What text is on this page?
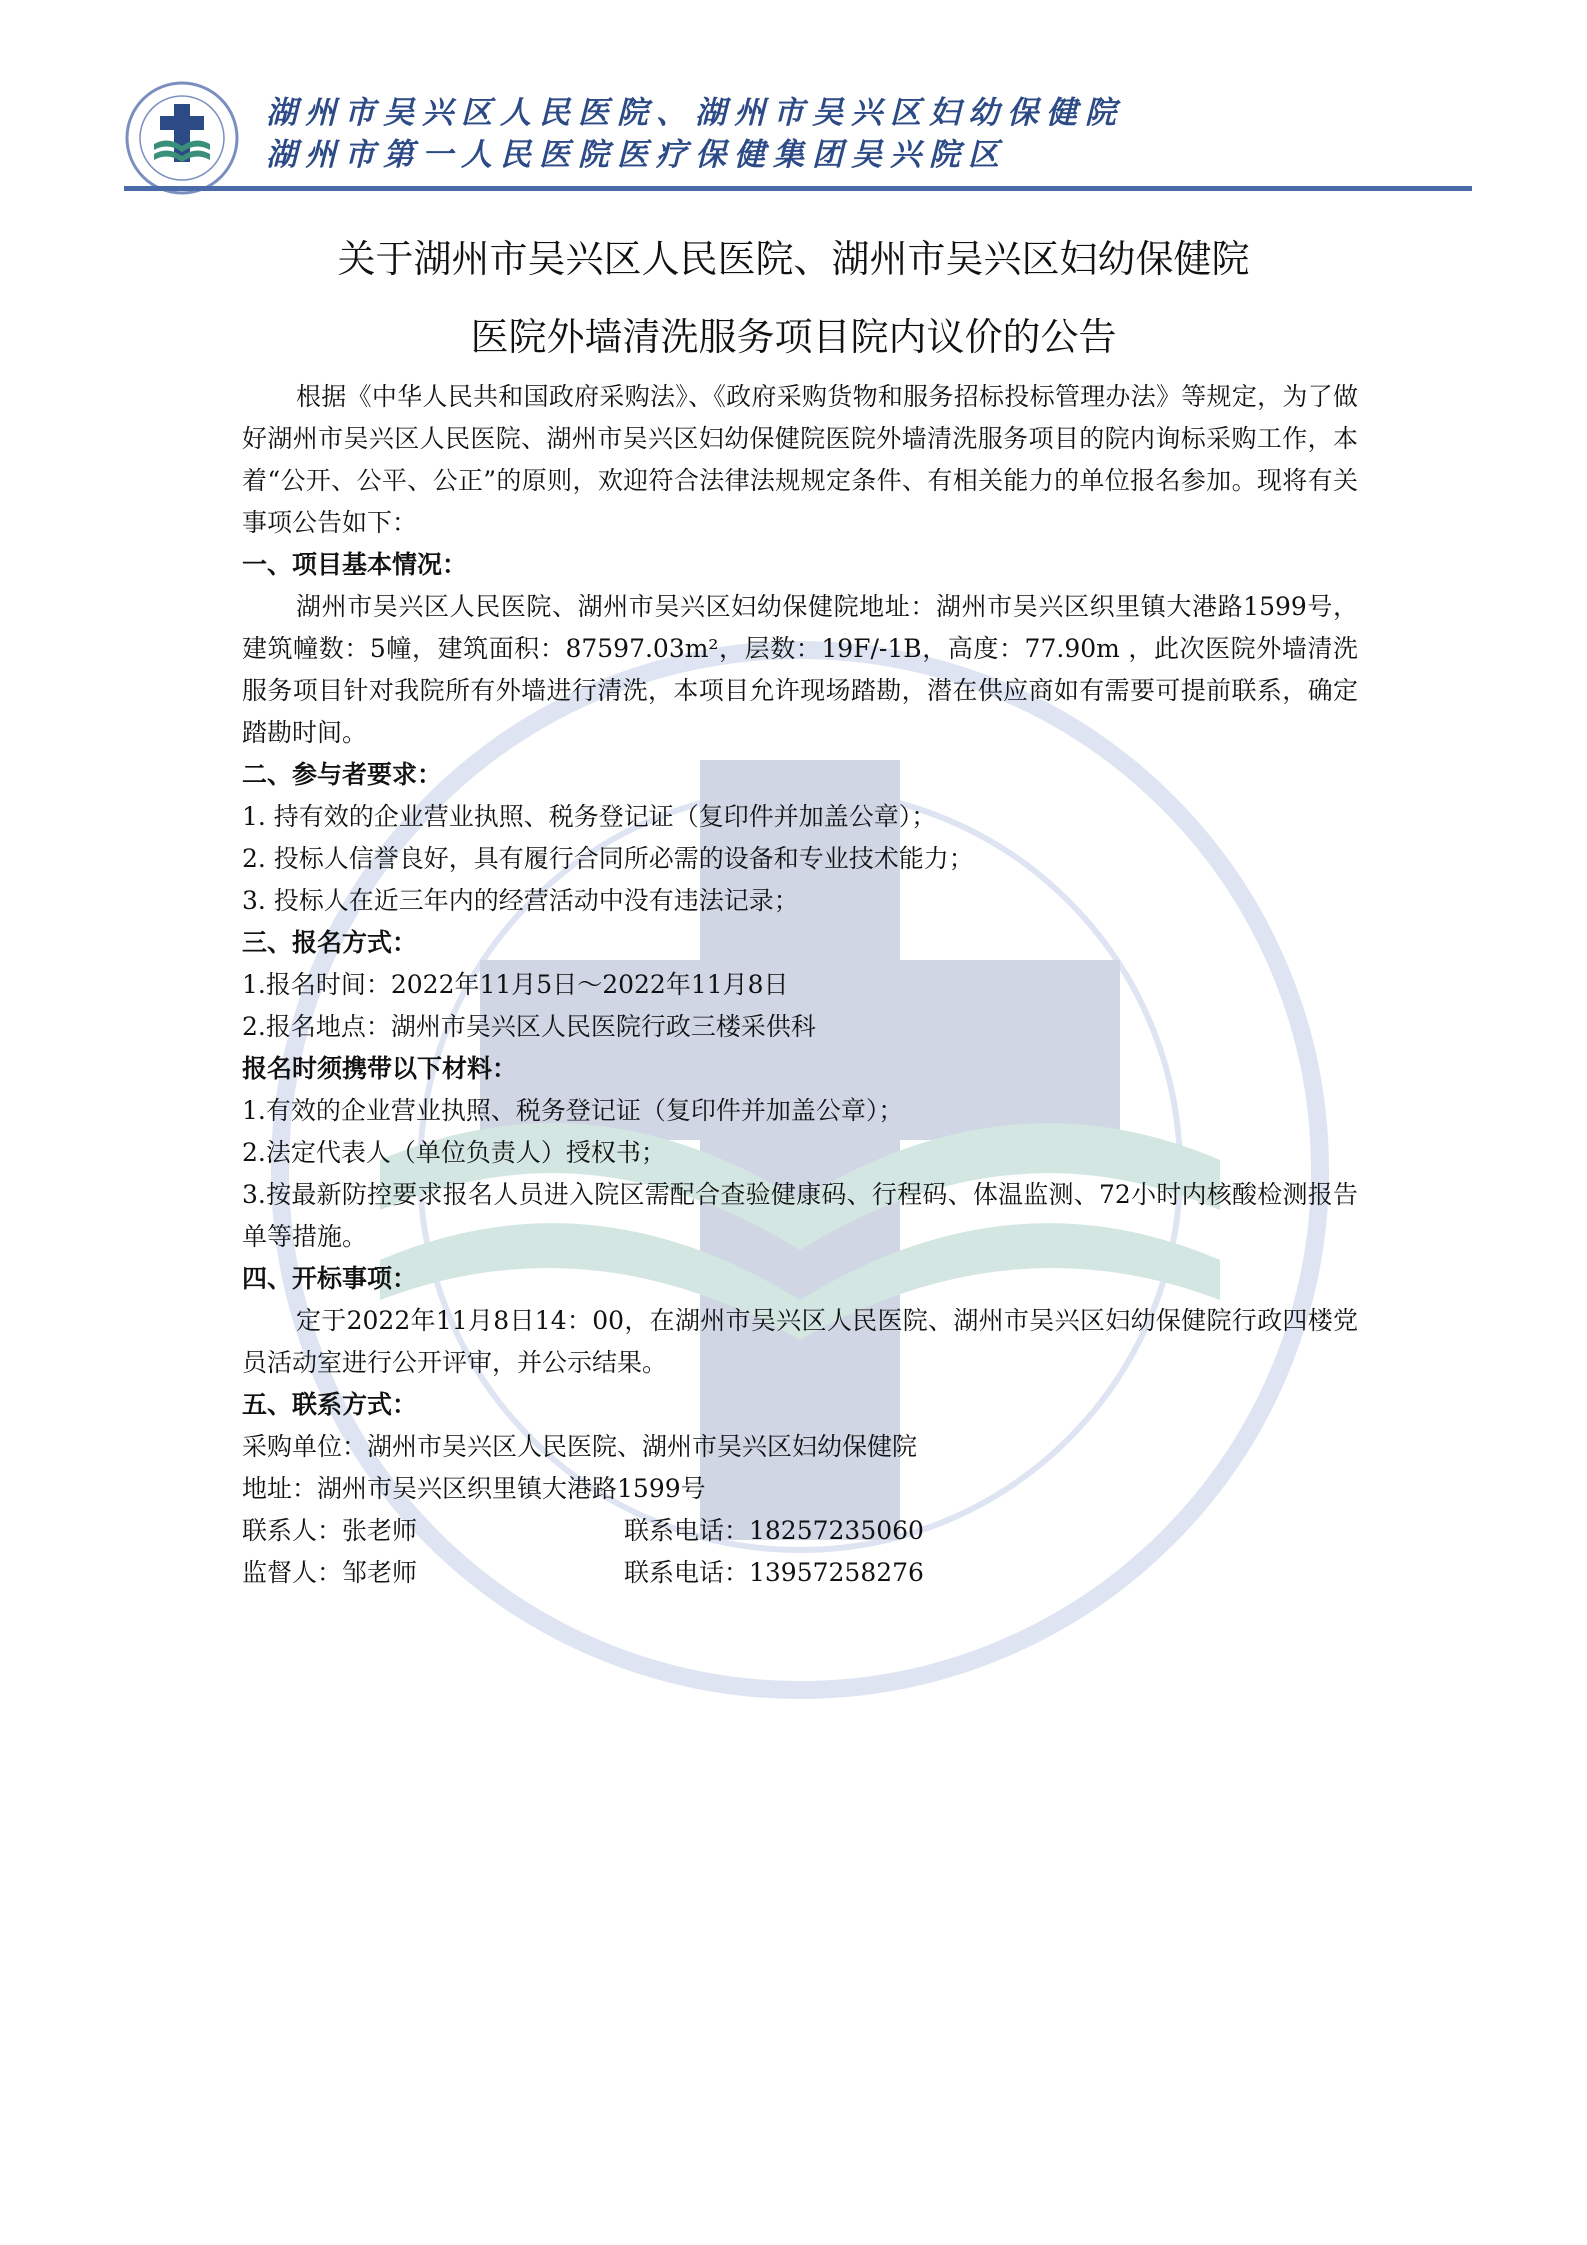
湖州市吴兴区人民医院、湖州市吴兴区妇幼保健院
湖州市第一人民医院医疗保健集团吴兴院区
关于湖州市吴兴区人民医院、湖州市吴兴区妇幼保健院
医院外墙清洗服务项目院内议价的公告

根据《中华人民共和国政府采购法》、《政府采购货物和服务招标投标管理办法》等规定，为了做好湖州市吴兴区人民医院、湖州市吴兴区妇幼保健院医院外墙清洗服务项目的院内询标采购工作，本着“公开、公平、公正”的原则，欢迎符合法律法规规定条件、有相关能力的单位报名参加。现将有关事项公告如下：

一、项目基本情况：

湖州市吴兴区人民医院、湖州市吴兴区妇幼保健院地址：湖州市吴兴区织里镇大港路1599号，建筑幢数：5幢，建筑面积：87597.03m²，层数：19F/-1B，高度：77.90m ，此次医院外墙清洗服务项目针对我院所有外墙进行清洗，本项目允许现场踏勘，潜在供应商如有需要可提前联系，确定踏勘时间。

二、参与者要求：

1. 持有效的企业营业执照、税务登记证（复印件并加盖公章）；

2. 投标人信誉良好，具有履行合同所必需的设备和专业技术能力；

3. 投标人在近三年内的经营活动中没有违法记录；

三、报名方式：

1.报名时间：2022年11月5日～2022年11月8日

2.报名地点：湖州市吴兴区人民医院行政三楼采供科

报名时须携带以下材料：

1.有效的企业营业执照、税务登记证（复印件并加盖公章）；

2.法定代表人（单位负责人）授权书；

3.按最新防控要求报名人员进入院区需配合查验健康码、行程码、体温监测、72小时内核酸检测报告单等措施。

四、开标事项：

定于2022年11月8日14：00，在湖州市吴兴区人民医院、湖州市吴兴区妇幼保健院行政四楼党员活动室进行公开评审，并公示结果。

五、联系方式：

采购单位：湖州市吴兴区人民医院、湖州市吴兴区妇幼保健院

地址：湖州市吴兴区织里镇大港路1599号

联系人：张老师	联系电话：18257235060
监督人：邹老师	联系电话：13957258276
